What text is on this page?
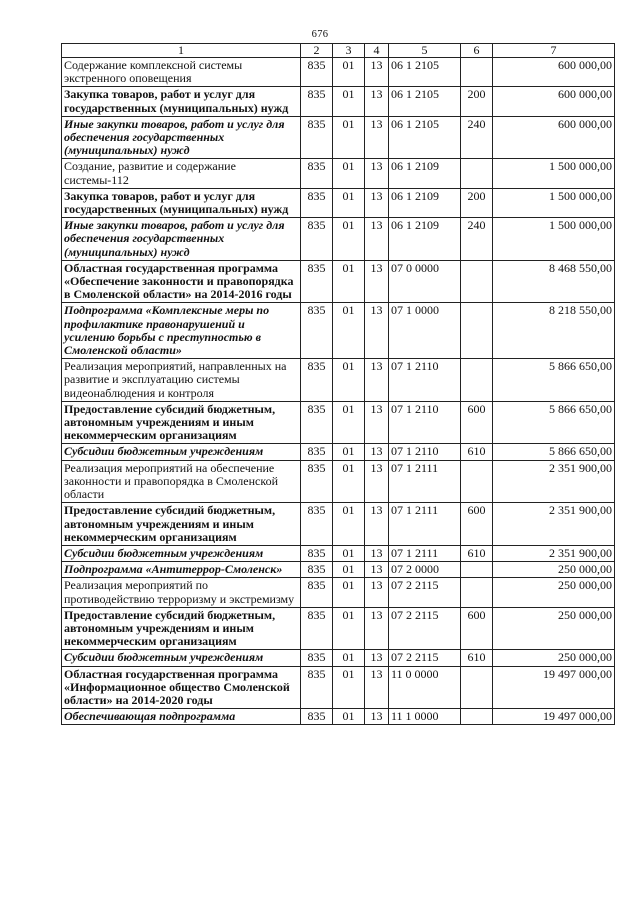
676
1	2	3	4	5	6	7
Содержание комплексной системы экстренного оповещения	835	01	13	06 1 2105		600 000,00
Закупка товаров, работ и услуг для государственных (муниципальных) нужд	835	01	13	06 1 2105	200	600 000,00
Иные закупки товаров, работ и услуг для обеспечения государственных (муниципальных) нужд	835	01	13	06 1 2105	240	600 000,00
Создание, развитие и содержание системы-112	835	01	13	06 1 2109		1 500 000,00
Закупка товаров, работ и услуг для государственных (муниципальных) нужд	835	01	13	06 1 2109	200	1 500 000,00
Иные закупки товаров, работ и услуг для обеспечения государственных (муниципальных) нужд	835	01	13	06 1 2109	240	1 500 000,00
Областная государственная программа «Обеспечение законности и правопорядка в Смоленской области» на 2014-2016 годы	835	01	13	07 0 0000		8 468 550,00
Подпрограмма «Комплексные меры по профилактике правонарушений и усилению борьбы с преступностью в Смоленской области»	835	01	13	07 1 0000		8 218 550,00
Реализация мероприятий, направленных на развитие и эксплуатацию системы видеонаблюдения и контроля	835	01	13	07 1 2110		5 866 650,00
Предоставление субсидий бюджетным, автономным учреждениям и иным некоммерческим организациям	835	01	13	07 1 2110	600	5 866 650,00
Субсидии бюджетным учреждениям	835	01	13	07 1 2110	610	5 866 650,00
Реализация мероприятий на обеспечение законности и правопорядка в Смоленской области	835	01	13	07 1 2111		2 351 900,00
Предоставление субсидий бюджетным, автономным учреждениям и иным некоммерческим организациям	835	01	13	07 1 2111	600	2 351 900,00
Субсидии бюджетным учреждениям	835	01	13	07 1 2111	610	2 351 900,00
Подпрограмма «Антитеррор-Смоленск»	835	01	13	07 2 0000		250 000,00
Реализация мероприятий по противодействию терроризму и экстремизму	835	01	13	07 2 2115		250 000,00
Предоставление субсидий бюджетным, автономным учреждениям и иным некоммерческим организациям	835	01	13	07 2 2115	600	250 000,00
Субсидии бюджетным учреждениям	835	01	13	07 2 2115	610	250 000,00
Областная государственная программа «Информационное общество Смоленской области» на 2014-2020 годы	835	01	13	11 0 0000		19 497 000,00
Обеспечивающая подпрограмма	835	01	13	11 1 0000		19 497 000,00
